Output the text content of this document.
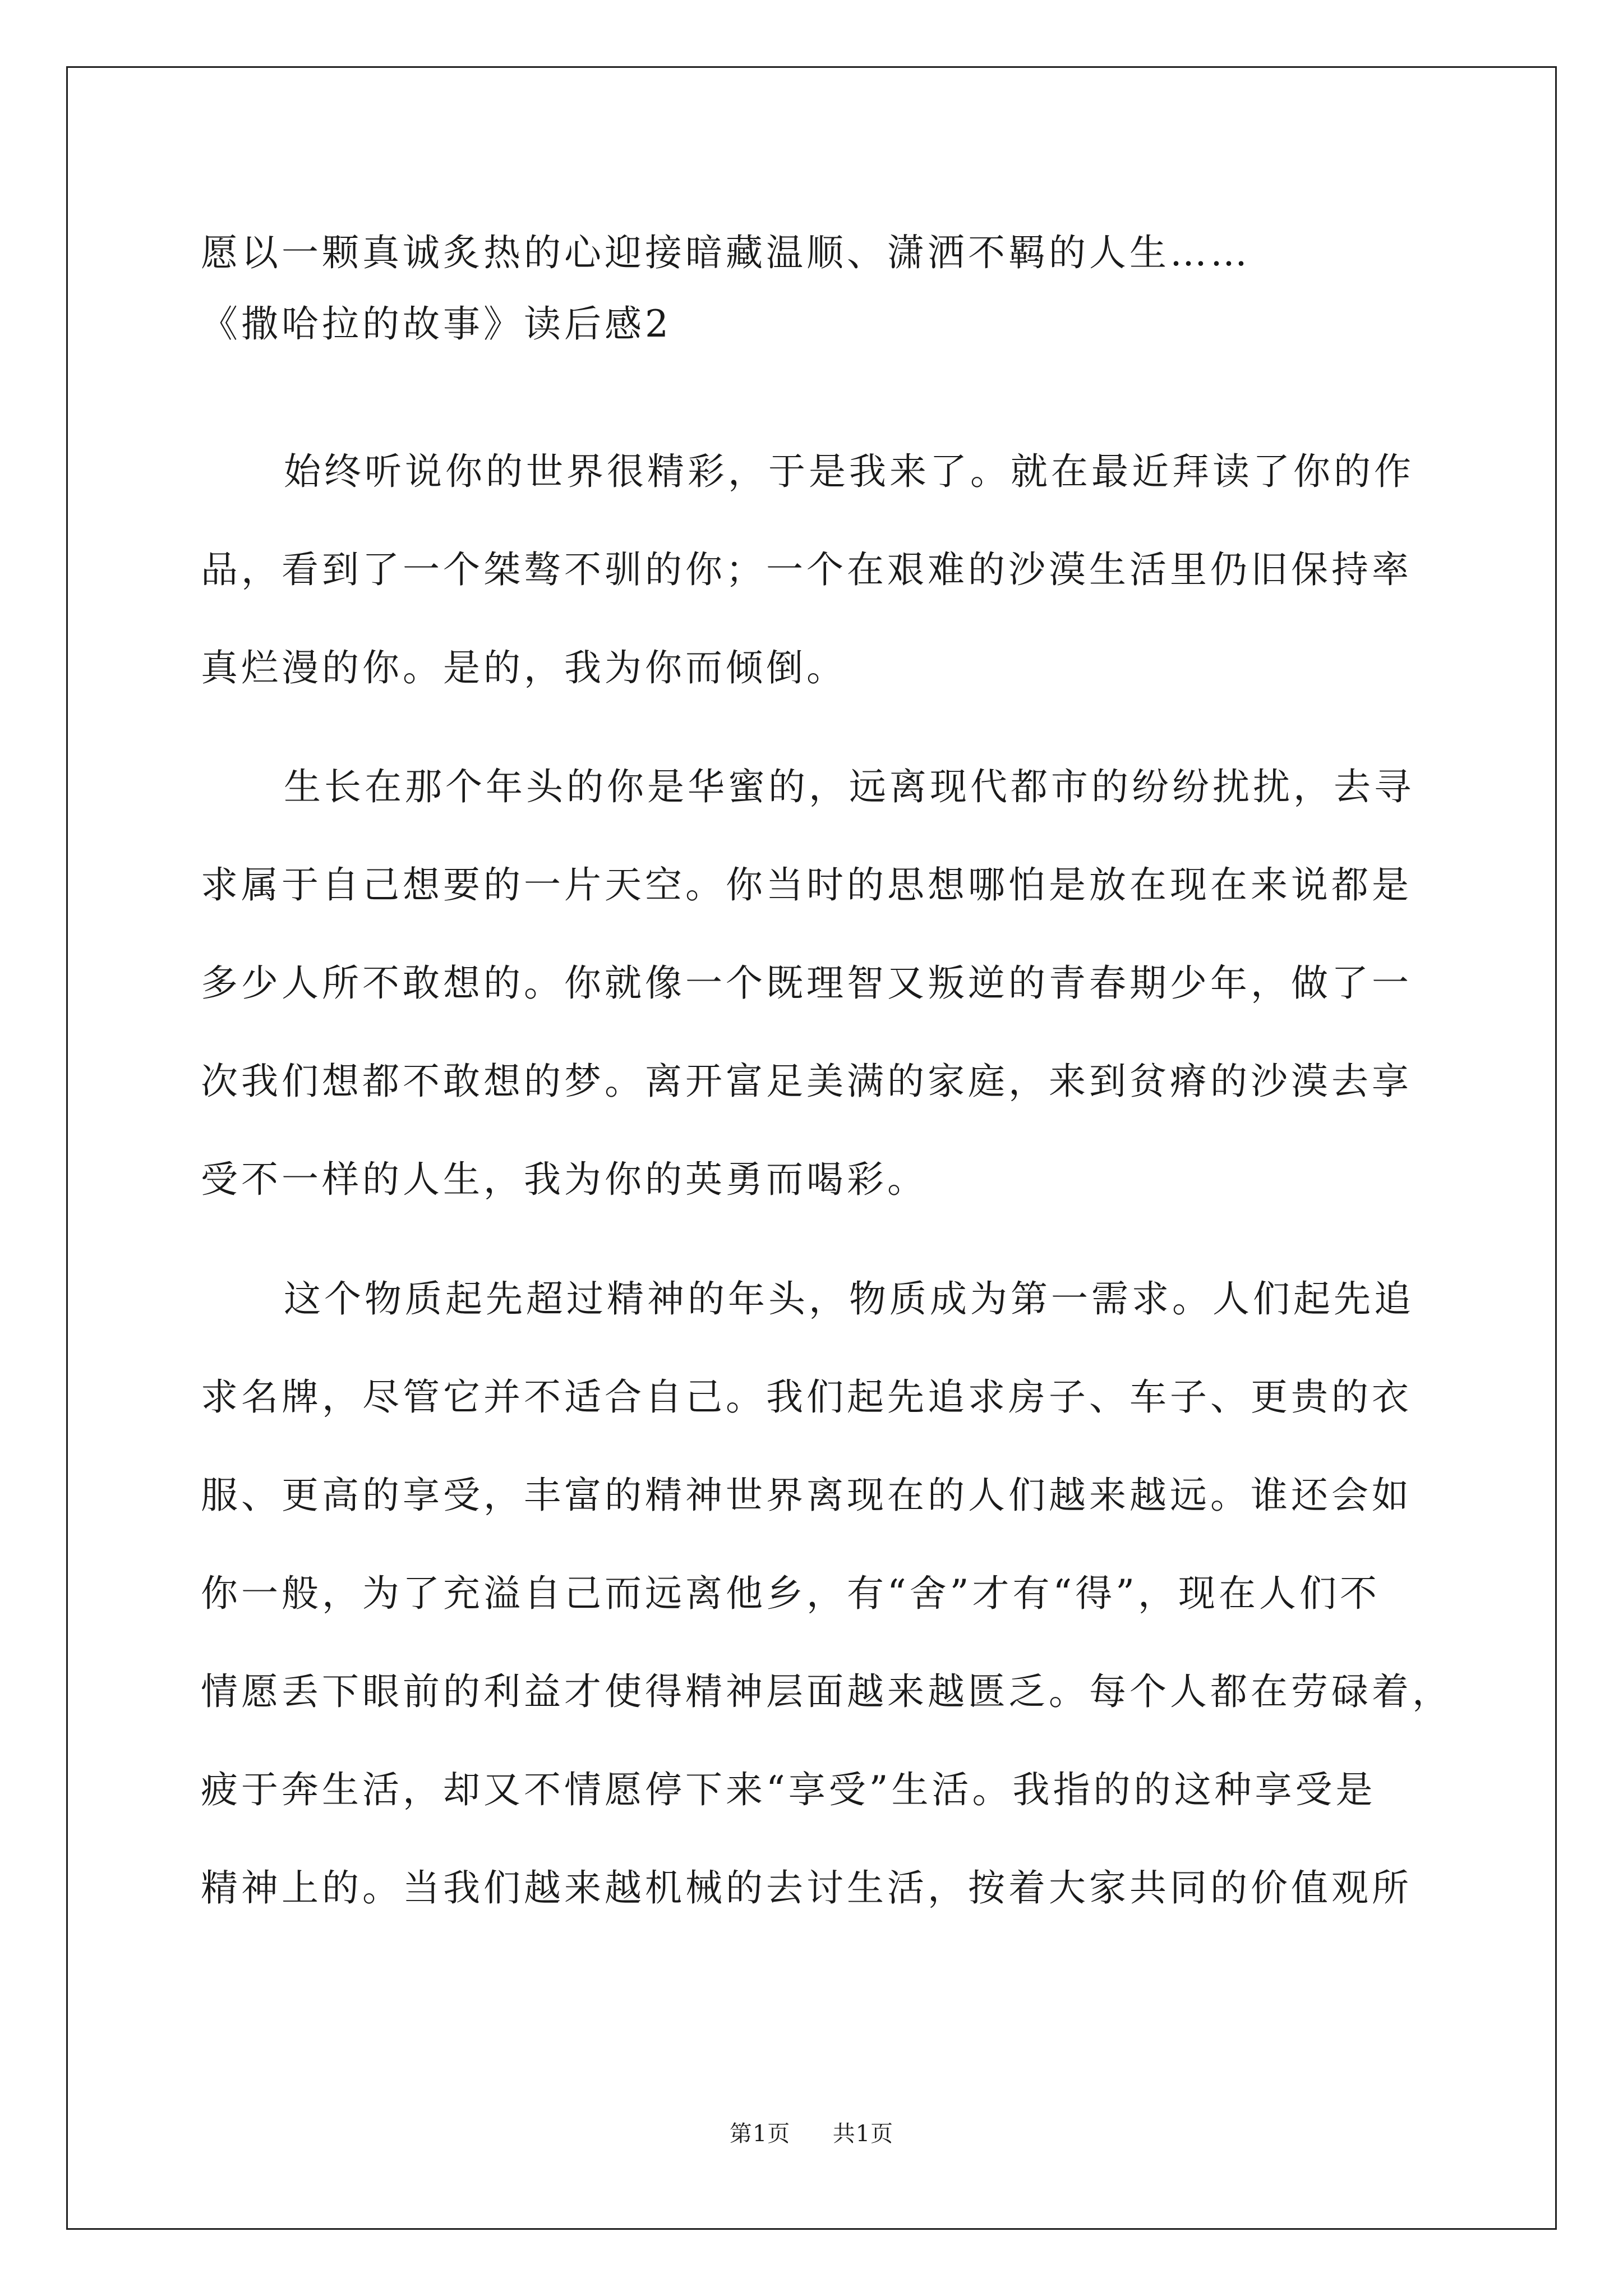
愿以一颗真诚炙热的心迎接暗藏温顺、潇洒不羁的人生……
《撒哈拉的故事》读后感2
始终听说你的世界很精彩，于是我来了。就在最近拜读了你的作
品，看到了一个桀骜不驯的你；一个在艰难的沙漠生活里仍旧保持率
真烂漫的你。是的，我为你而倾倒。
生长在那个年头的你是华蜜的，远离现代都市的纷纷扰扰，去寻
求属于自己想要的一片天空。你当时的思想哪怕是放在现在来说都是
多少人所不敢想的。你就像一个既理智又叛逆的青春期少年，做了一
次我们想都不敢想的梦。离开富足美满的家庭，来到贫瘠的沙漠去享
受不一样的人生，我为你的英勇而喝彩。
这个物质起先超过精神的年头，物质成为第一需求。人们起先追
求名牌，尽管它并不适合自己。我们起先追求房子、车子、更贵的衣
服、更高的享受，丰富的精神世界离现在的人们越来越远。谁还会如
你一般，为了充溢自己而远离他乡，有“舍”才有“得”，现在人们不
情愿丢下眼前的利益才使得精神层面越来越匮乏。每个人都在劳碌着，
疲于奔生活，却又不情愿停下来“享受”生活。我指的的这种享受是
精神上的。当我们越来越机械的去讨生活，按着大家共同的价值观所
第1页 共1页
